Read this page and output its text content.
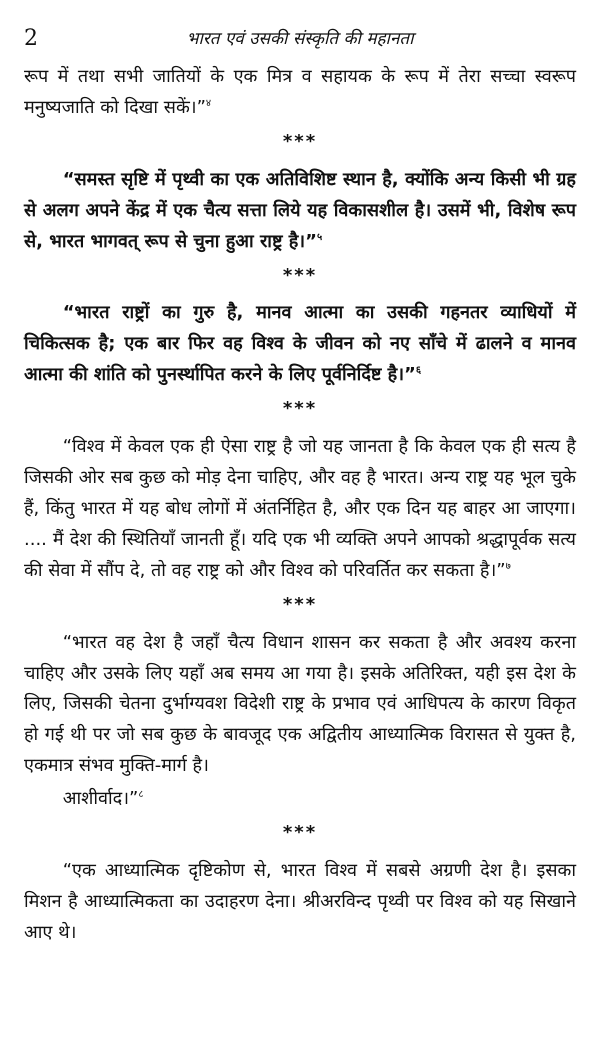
2	भारत एवं उसकी संस्कृति की महानता

रूप में तथा सभी जातियों के एक मित्र व सहायक के रूप में तेरा सच्चा स्वरूप मनुष्यजाति को दिखा सकें।”$^४$

***

“समस्त सृष्टि में पृथ्वी का एक अतिविशिष्ट स्थान है, क्योंकि अन्य किसी भी ग्रह से अलग अपने केंद्र में एक चैत्य सत्ता लिये यह विकासशील है। उसमें भी, विशेष रूप से, भारत भागवत् रूप से चुना हुआ राष्ट्र है।”$^५$

***

“भारत राष्ट्रों का गुरु है, मानव आत्मा का उसकी गहनतर व्याधियों में चिकित्सक है; एक बार फिर वह विश्व के जीवन को नए साँचे में ढालने व मानव आत्मा की शांति को पुनर्स्थापित करने के लिए पूर्वनिर्दिष्ट है।”$^६$

***

“विश्व में केवल एक ही ऐसा राष्ट्र है जो यह जानता है कि केवल एक ही सत्य है जिसकी ओर सब कुछ को मोड़ देना चाहिए, और वह है भारत। अन्य राष्ट्र यह भूल चुके हैं, किंतु भारत में यह बोध लोगों में अंतर्निहित है, और एक दिन यह बाहर आ जाएगा। .... मैं देश की स्थितियाँ जानती हूँ। यदि एक भी व्यक्ति अपने आपको श्रद्धापूर्वक सत्य की सेवा में सौंप दे, तो वह राष्ट्र को और विश्व को परिवर्तित कर सकता है।”$^७$

***

“भारत वह देश है जहाँ चैत्य विधान शासन कर सकता है और अवश्य करना चाहिए और उसके लिए यहाँ अब समय आ गया है। इसके अतिरिक्त, यही इस देश के लिए, जिसकी चेतना दुर्भाग्यवश विदेशी राष्ट्र के प्रभाव एवं आधिपत्य के कारण विकृत हो गई थी पर जो सब कुछ के बावजूद एक अद्वितीय आध्यात्मिक विरासत से युक्त है, एकमात्र संभव मुक्ति-मार्ग है।

आशीर्वाद।”$^८$

***

“एक आध्यात्मिक दृष्टिकोण से, भारत विश्व में सबसे अग्रणी देश है। इसका मिशन है आध्यात्मिकता का उदाहरण देना। श्रीअरविन्द पृथ्वी पर विश्व को यह सिखाने आए थे।
